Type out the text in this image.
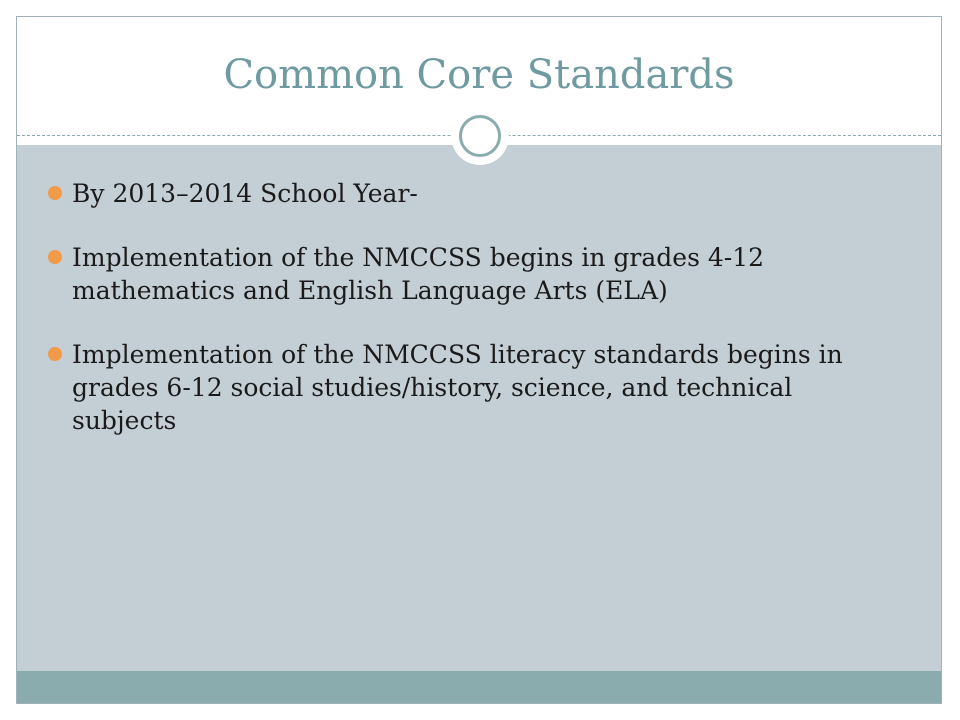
Common Core Standards
By 2013–2014 School Year-
Implementation of the NMCCSS begins in grades 4-12 mathematics and English Language Arts (ELA)
Implementation of the NMCCSS literacy standards begins in grades 6-12 social studies/history, science, and technical subjects
